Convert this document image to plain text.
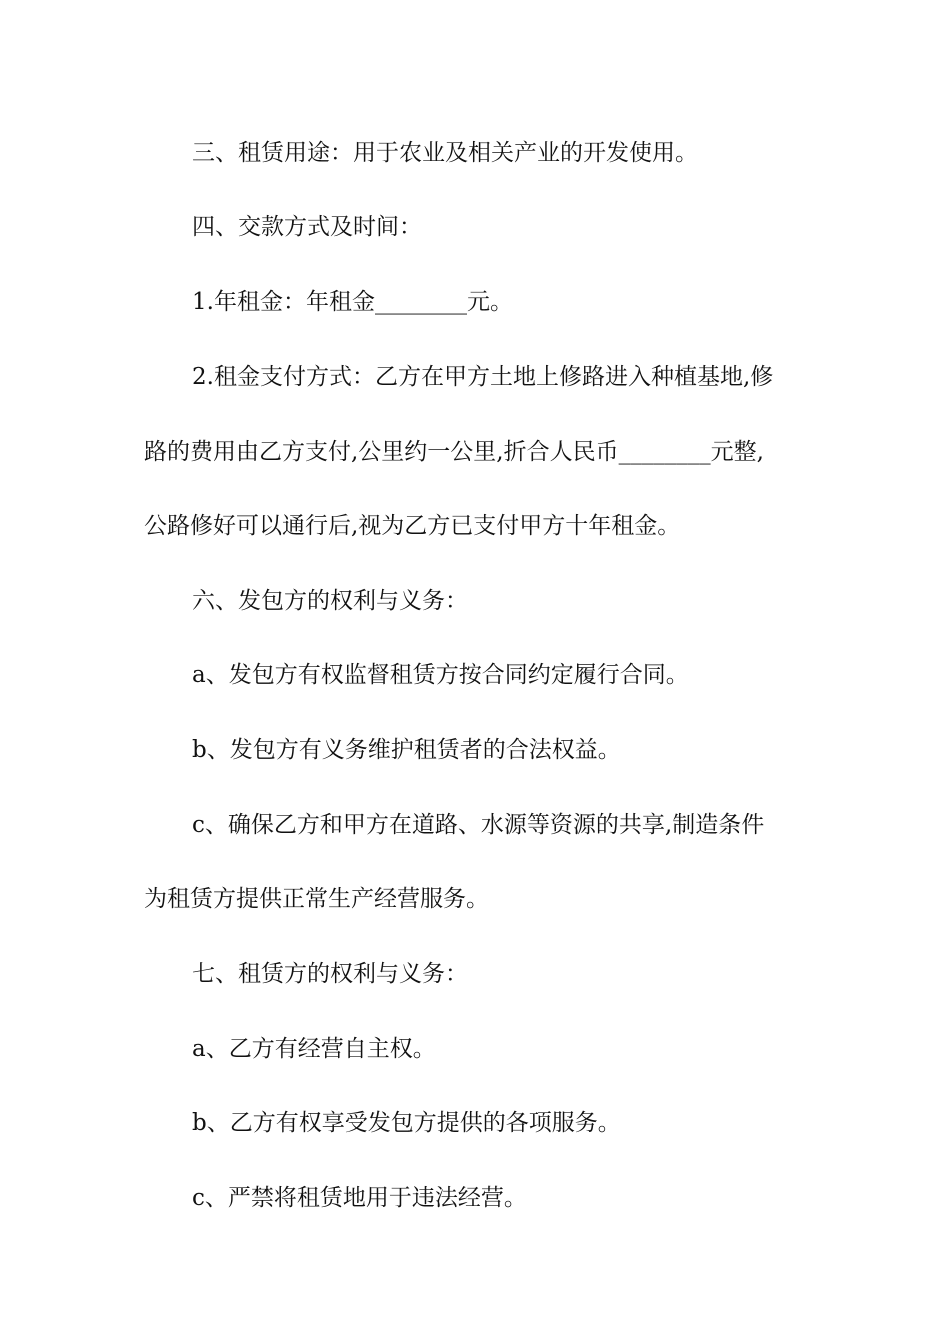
三、租赁用途：用于农业及相关产业的开发使用。
四、交款方式及时间：
1.年租金：年租金________元。
2.租金支付方式：乙方在甲方土地上修路进入种植基地,修
路的费用由乙方支付,公里约一公里,折合人民币________元整,
公路修好可以通行后,视为乙方已支付甲方十年租金。
六、发包方的权利与义务：
a、发包方有权监督租赁方按合同约定履行合同。
b、发包方有义务维护租赁者的合法权益。
c、确保乙方和甲方在道路、水源等资源的共享,制造条件
为租赁方提供正常生产经营服务。
七、租赁方的权利与义务：
a、乙方有经营自主权。
b、乙方有权享受发包方提供的各项服务。
c、严禁将租赁地用于违法经营。
